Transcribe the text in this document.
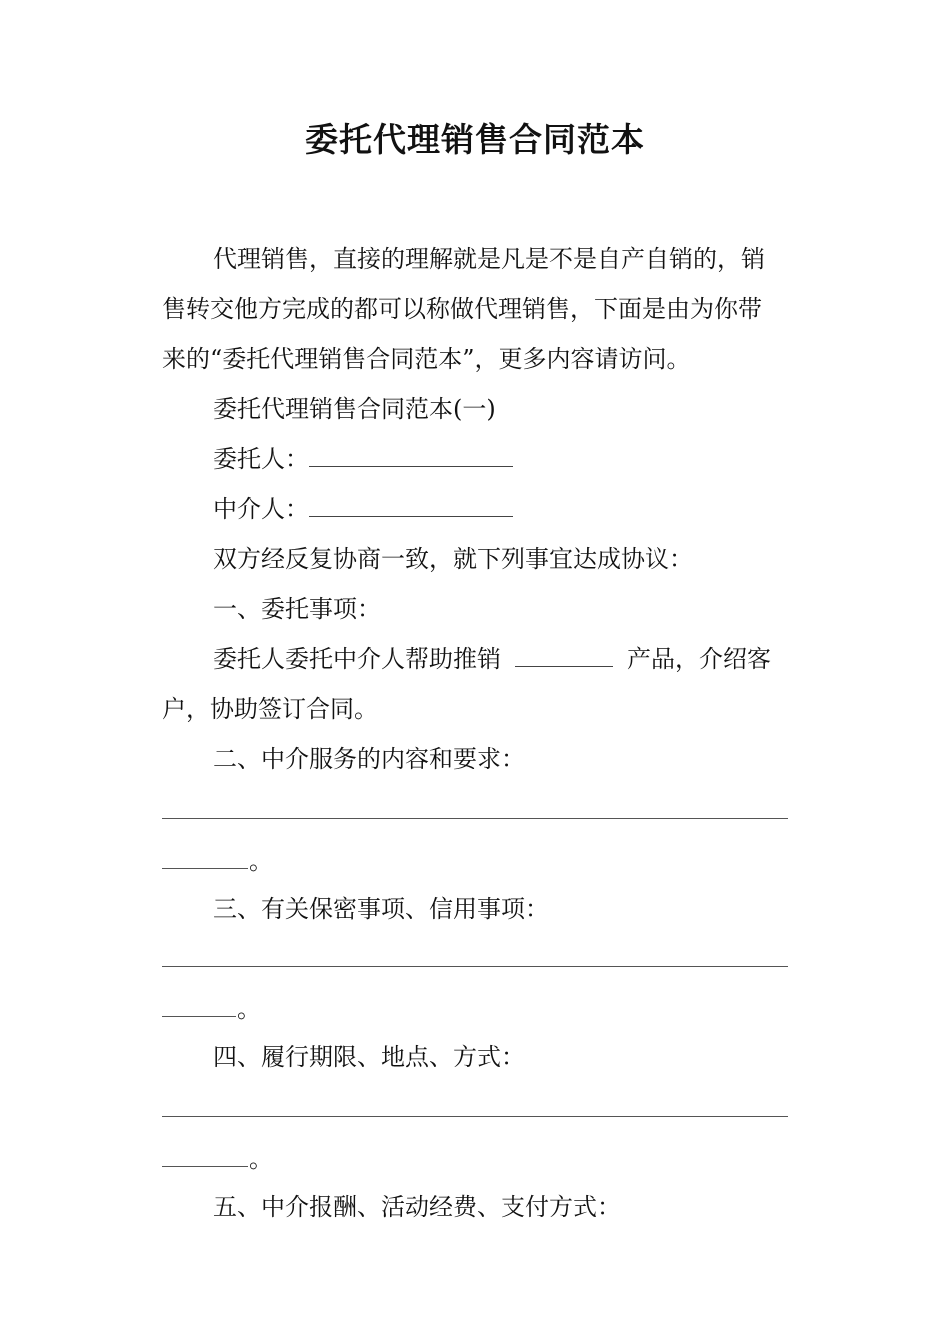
委托代理销售合同范本
代理销售，直接的理解就是凡是不是自产自销的，销
售转交他方完成的都可以称做代理销售，下面是由为你带
来的“委托代理销售合同范本”，更多内容请访问。
委托代理销售合同范本(一)
委托人：
中介人：
双方经反复协商一致，就下列事宜达成协议：
一、委托事项：
委托人委托中介人帮助推销	产品，介绍客
户，协助签订合同。
二、中介服务的内容和要求：
。
三、有关保密事项、信用事项：
。
四、履行期限、地点、方式：
。
五、中介报酬、活动经费、支付方式：
